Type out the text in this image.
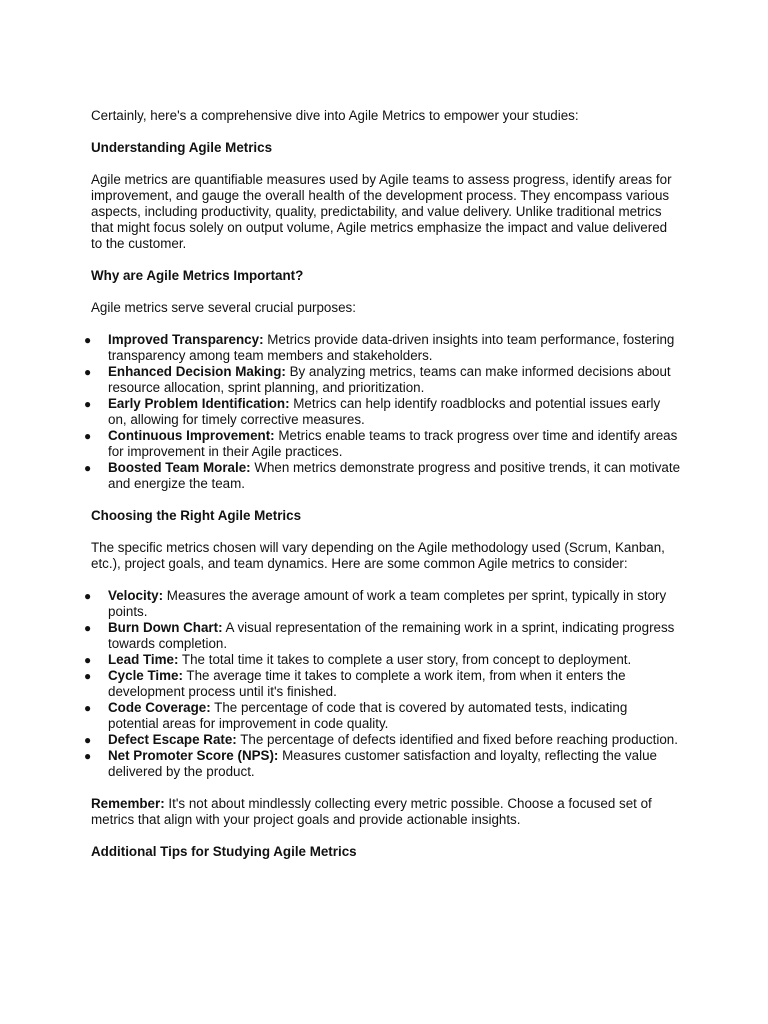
Certainly, here's a comprehensive dive into Agile Metrics to empower your studies:

Understanding Agile Metrics

Agile metrics are quantifiable measures used by Agile teams to assess progress, identify areas for improvement, and gauge the overall health of the development process. They encompass various aspects, including productivity, quality, predictability, and value delivery. Unlike traditional metrics that might focus solely on output volume, Agile metrics emphasize the impact and value delivered to the customer.

Why are Agile Metrics Important?

Agile metrics serve several crucial purposes:

● Improved Transparency: Metrics provide data-driven insights into team performance, fostering transparency among team members and stakeholders.
● Enhanced Decision Making: By analyzing metrics, teams can make informed decisions about resource allocation, sprint planning, and prioritization.
● Early Problem Identification: Metrics can help identify roadblocks and potential issues early on, allowing for timely corrective measures.
● Continuous Improvement: Metrics enable teams to track progress over time and identify areas for improvement in their Agile practices.
● Boosted Team Morale: When metrics demonstrate progress and positive trends, it can motivate and energize the team.
Choosing the Right Agile Metrics

The specific metrics chosen will vary depending on the Agile methodology used (Scrum, Kanban, etc.), project goals, and team dynamics. Here are some common Agile metrics to consider:

● Velocity: Measures the average amount of work a team completes per sprint, typically in story points.
● Burn Down Chart: A visual representation of the remaining work in a sprint, indicating progress towards completion.
● Lead Time: The total time it takes to complete a user story, from concept to deployment.
● Cycle Time: The average time it takes to complete a work item, from when it enters the development process until it's finished.
● Code Coverage: The percentage of code that is covered by automated tests, indicating potential areas for improvement in code quality.
● Defect Escape Rate: The percentage of defects identified and fixed before reaching production.
● Net Promoter Score (NPS): Measures customer satisfaction and loyalty, reflecting the value delivered by the product.

Remember: It's not about mindlessly collecting every metric possible. Choose a focused set of metrics that align with your project goals and provide actionable insights.

Additional Tips for Studying Agile Metrics
